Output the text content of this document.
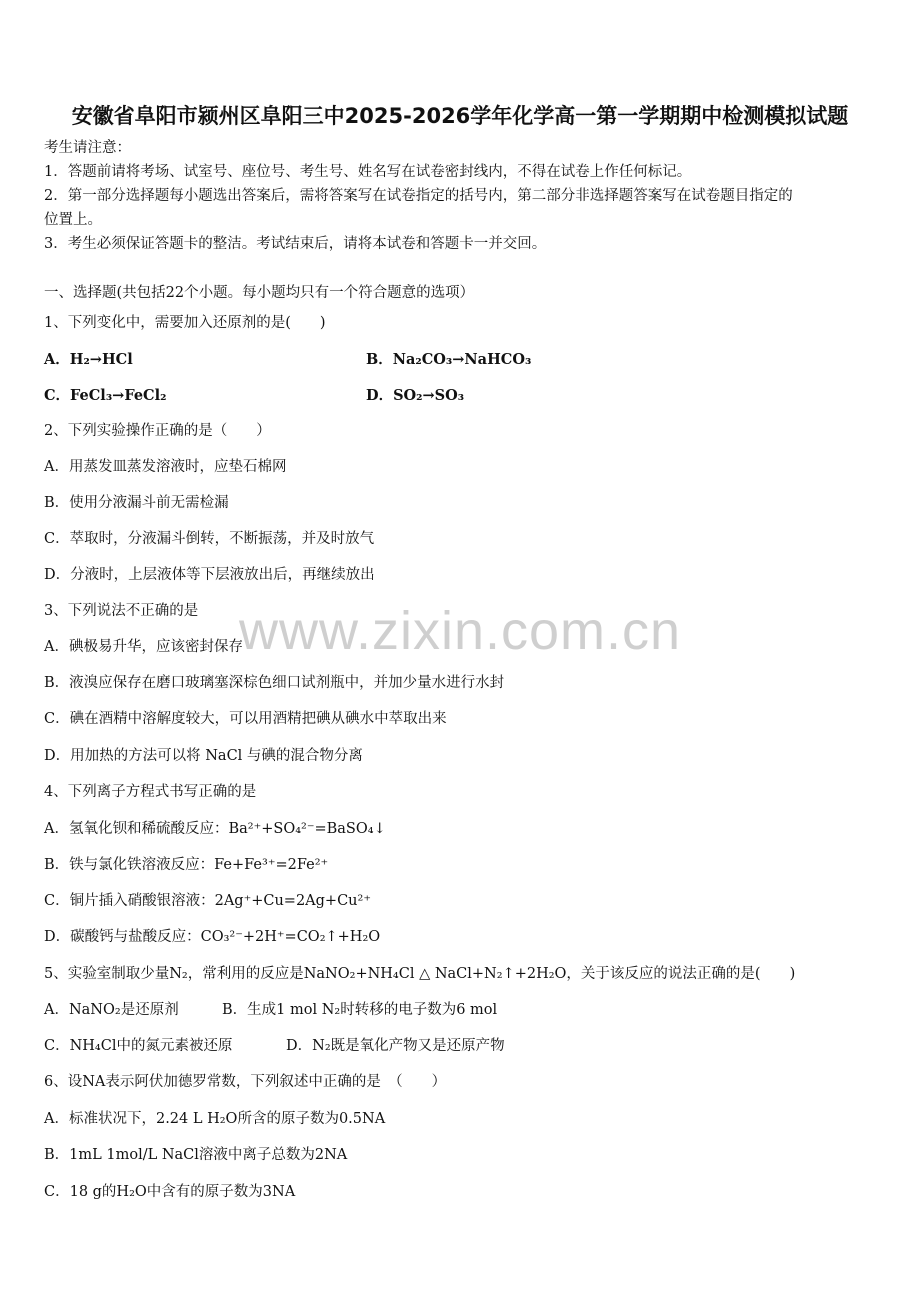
安徽省阜阳市颍州区阜阳三中2025-2026学年化学高一第一学期期中检测模拟试题
考生请注意：
1．答题前请将考场、试室号、座位号、考生号、姓名写在试卷密封线内，不得在试卷上作任何标记。
2．第一部分选择题每小题选出答案后，需将答案写在试卷指定的括号内，第二部分非选择题答案写在试卷题目指定的
位置上。
3．考生必须保证答题卡的整洁。考试结束后，请将本试卷和答题卡一并交回。
一、选择题(共包括22个小题。每小题均只有一个符合题意的选项）
1、下列变化中，需要加入还原剂的是(　　)
A．H₂→HCl	B．Na₂CO₃→NaHCO₃
C．FeCl₃→FeCl₂	D．SO₂→SO₃
2、下列实验操作正确的是（　　）
A．用蒸发皿蒸发溶液时，应垫石棉网
B．使用分液漏斗前无需检漏
C．萃取时，分液漏斗倒转，不断振荡，并及时放气
D．分液时，上层液体等下层液放出后，再继续放出
3、下列说法不正确的是
A．碘极易升华，应该密封保存
B．液溴应保存在磨口玻璃塞深棕色细口试剂瓶中，并加少量水进行水封
C．碘在酒精中溶解度较大，可以用酒精把碘从碘水中萃取出来
D．用加热的方法可以将 NaCl 与碘的混合物分离
www.zixin.com.cn
4、下列离子方程式书写正确的是
A．氢氧化钡和稀硫酸反应：Ba²⁺+SO₄²⁻=BaSO₄↓
B．铁与氯化铁溶液反应：Fe+Fe³⁺=2Fe²⁺
C．铜片插入硝酸银溶液：2Ag⁺+Cu=2Ag+Cu²⁺
D．碳酸钙与盐酸反应：CO₃²⁻+2H⁺=CO₂↑+H₂O
5、实验室制取少量N₂，常利用的反应是NaNO₂+NH₄Cl △ NaCl+N₂↑+2H₂O，关于该反应的说法正确的是(　　)
A．NaNO₂是还原剂	B．生成1 mol N₂时转移的电子数为6 mol
C．NH₄Cl中的氮元素被还原	D．N₂既是氧化产物又是还原产物
6、设NA表示阿伏加德罗常数，下列叙述中正确的是　（　　）
A．标准状况下，2.24 L H₂O所含的原子数为0.5NA
B．1mL 1mol/L NaCl溶液中离子总数为2NA
C．18 g的H₂O中含有的原子数为3NA
